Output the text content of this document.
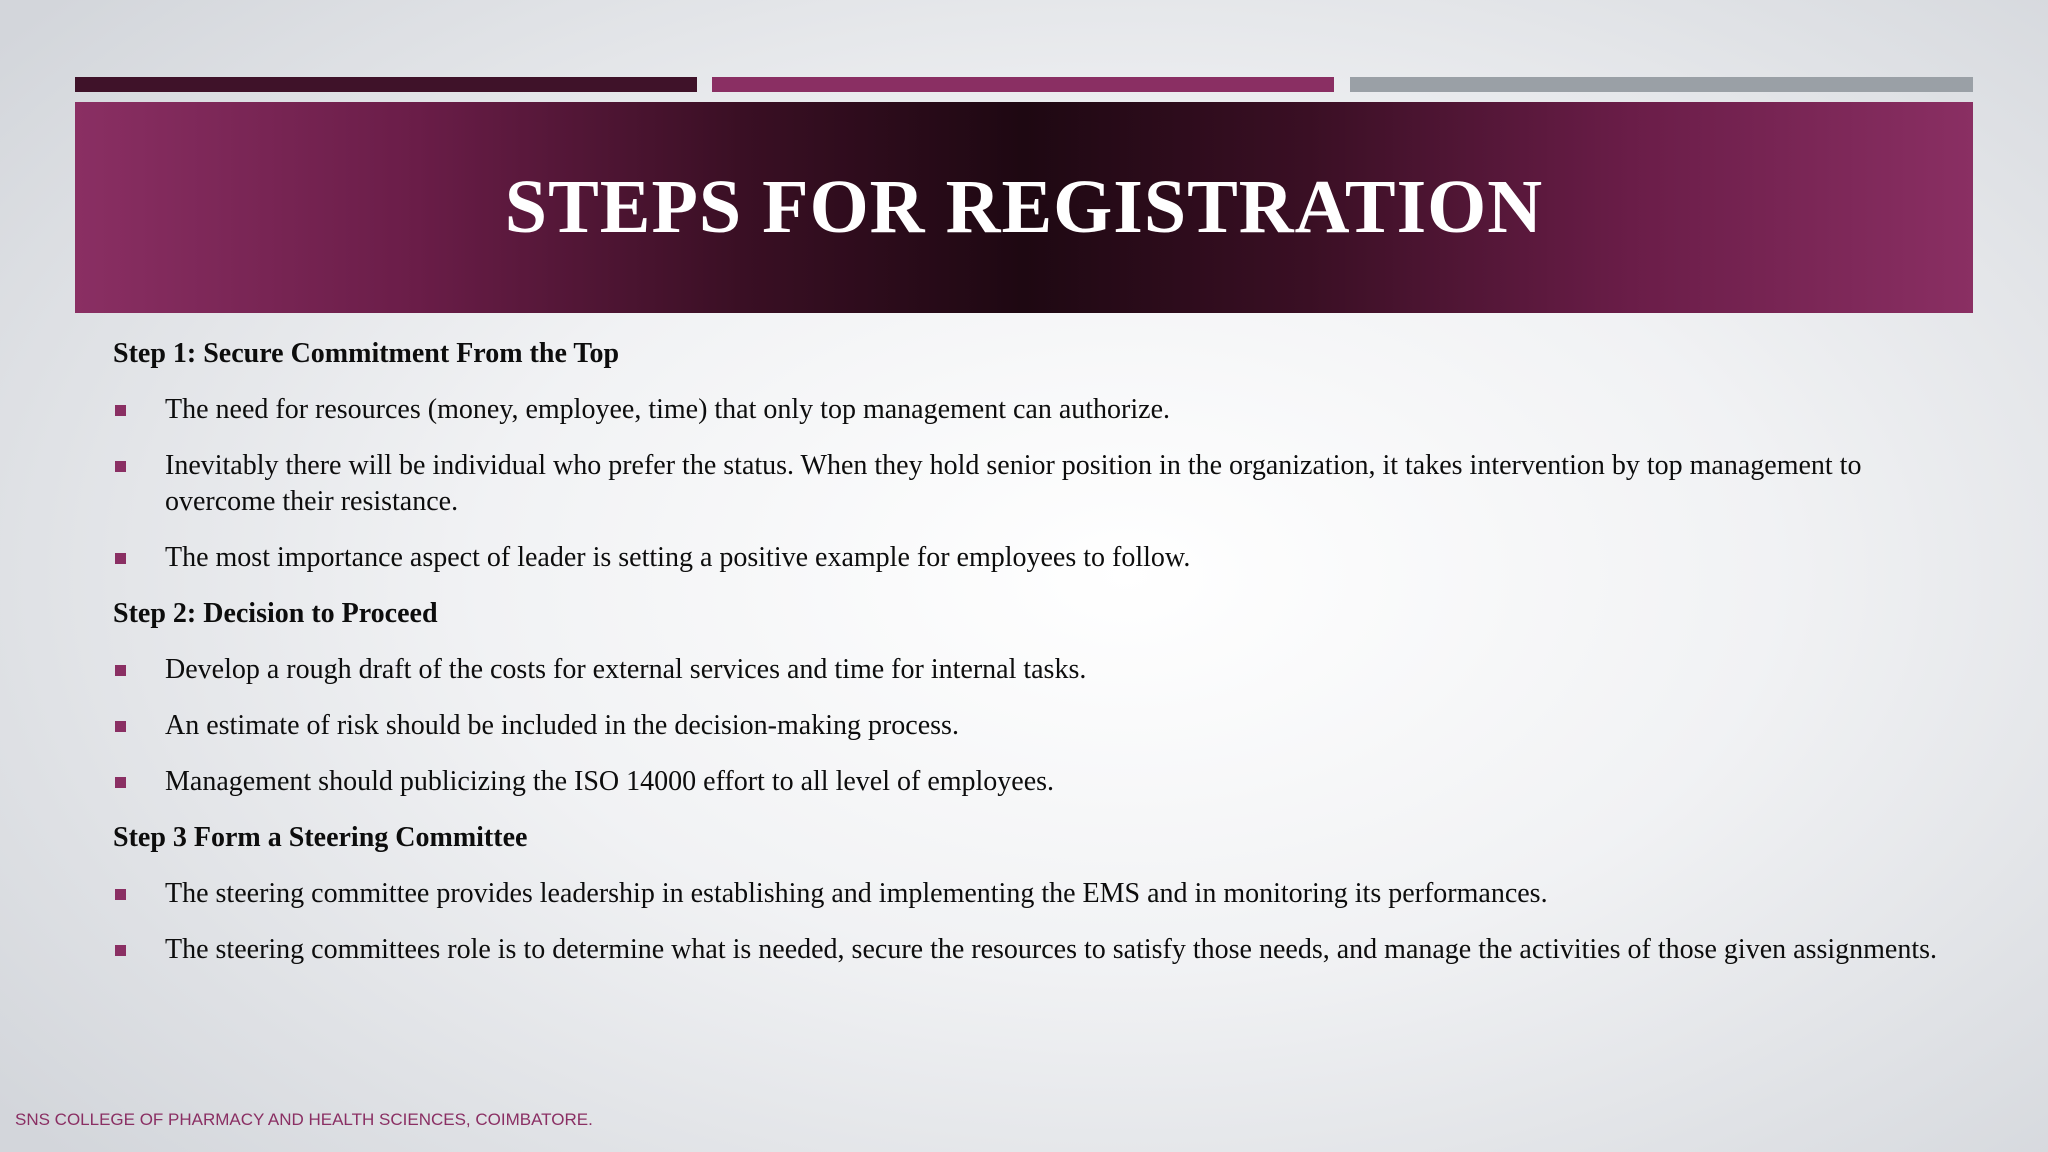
STEPS FOR REGISTRATION
Step 1: Secure Commitment From the Top
The need for resources (money, employee, time) that only top management can authorize.
Inevitably there will be individual who prefer the status. When they hold senior position in the organization, it takes intervention by top management to overcome their resistance.
The most importance aspect of leader is setting a positive example for employees to follow.
Step 2: Decision to Proceed
Develop a rough draft of the costs for external services and time for internal tasks.
An estimate of risk should be included in the decision-making process.
Management should publicizing the ISO 14000 effort to all level of employees.
Step 3 Form a Steering Committee
The steering committee provides leadership in establishing and implementing the EMS and in monitoring its performances.
The steering committees role is to determine what is needed, secure the resources to satisfy those needs, and manage the activities of those given assignments.
SNS COLLEGE OF PHARMACY AND HEALTH SCIENCES, COIMBATORE.
